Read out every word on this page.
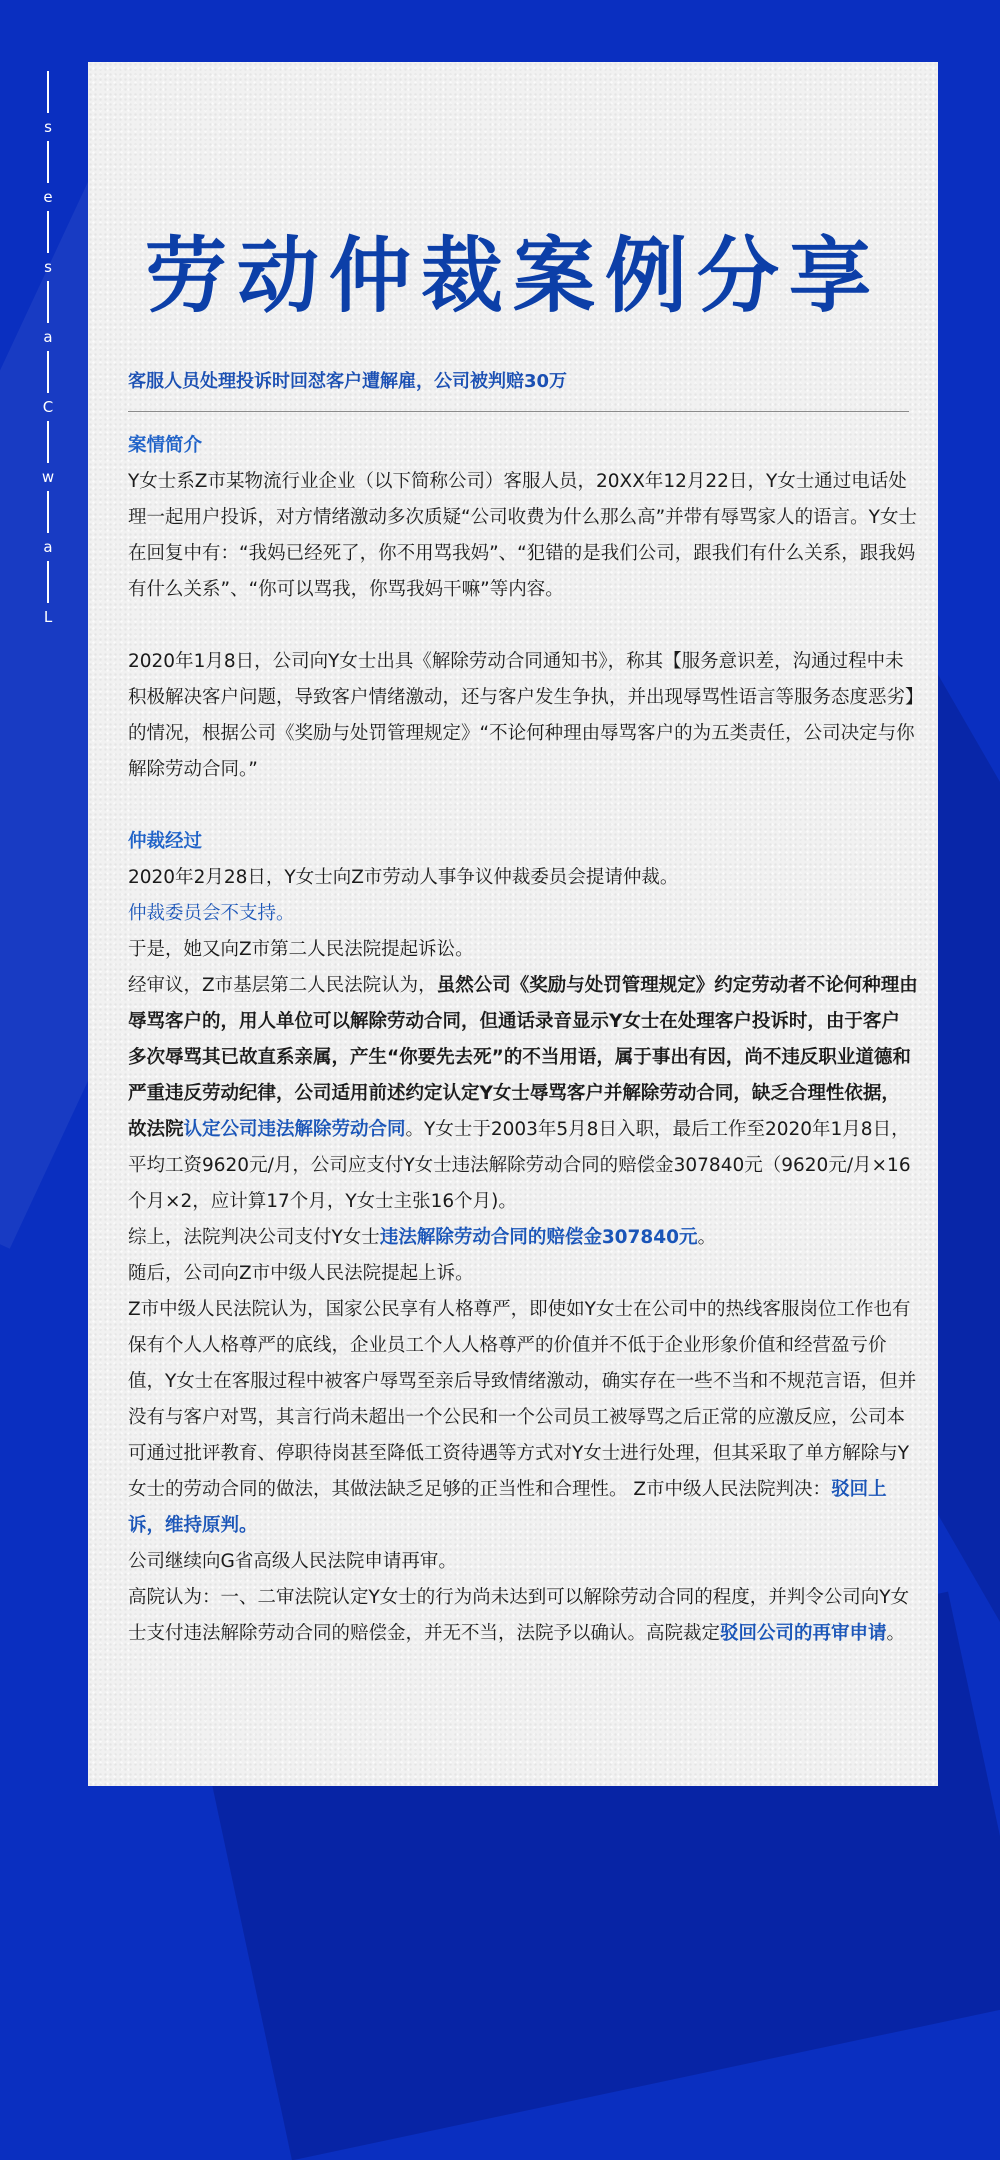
s
e
s
a
C
w
a
L
劳动仲裁案例分享

客服人员处理投诉时回怼客户遭解雇，公司被判赔30万

案情简介

Y女士系Z市某物流行业企业（以下简称公司）客服人员，20XX年12月22日，Y女士通过电话处理一起用户投诉，对方情绪激动多次质疑“公司收费为什么那么高”并带有辱骂家人的语言。Y女士在回复中有：“我妈已经死了，你不用骂我妈”、“犯错的是我们公司，跟我们有什么关系，跟我妈有什么关系”、“你可以骂我，你骂我妈干嘛”等内容。

2020年1月8日，公司向Y女士出具《解除劳动合同通知书》，称其【服务意识差，沟通过程中未积极解决客户问题，导致客户情绪激动，还与客户发生争执，并出现辱骂性语言等服务态度恶劣】的情况，根据公司《奖励与处罚管理规定》“不论何种理由辱骂客户的为五类责任，公司决定与你解除劳动合同。”

仲裁经过

2020年2月28日，Y女士向Z市劳动人事争议仲裁委员会提请仲裁。

仲裁委员会不支持。

于是，她又向Z市第二人民法院提起诉讼。

经审议，Z市基层第二人民法院认为，虽然公司《奖励与处罚管理规定》约定劳动者不论何种理由辱骂客户的，用人单位可以解除劳动合同，但通话录音显示Y女士在处理客户投诉时，由于客户多次辱骂其已故直系亲属，产生“你要先去死”的不当用语，属于事出有因，尚不违反职业道德和严重违反劳动纪律，公司适用前述约定认定Y女士辱骂客户并解除劳动合同，缺乏合理性依据，故法院认定公司违法解除劳动合同。Y女士于2003年5月8日入职，最后工作至2020年1月8日，平均工资9620元/月，公司应支付Y女士违法解除劳动合同的赔偿金307840元（9620元/月×16个月×2，应计算17个月，Y女士主张16个月)。

综上，法院判决公司支付Y女士违法解除劳动合同的赔偿金307840元。

随后，公司向Z市中级人民法院提起上诉。

Z市中级人民法院认为，国家公民享有人格尊严，即使如Y女士在公司中的热线客服岗位工作也有保有个人人格尊严的底线，企业员工个人人格尊严的价值并不低于企业形象价值和经营盈亏价值，Y女士在客服过程中被客户辱骂至亲后导致情绪激动，确实存在一些不当和不规范言语，但并没有与客户对骂，其言行尚未超出一个公民和一个公司员工被辱骂之后正常的应激反应，公司本可通过批评教育、停职待岗甚至降低工资待遇等方式对Y女士进行处理，但其采取了单方解除与Y女士的劳动合同的做法，其做法缺乏足够的正当性和合理性。 Z市中级人民法院判决：驳回上诉，维持原判。

公司继续向G省高级人民法院申请再审。

高院认为：一、二审法院认定Y女士的行为尚未达到可以解除劳动合同的程度，并判令公司向Y女士支付违法解除劳动合同的赔偿金，并无不当，法院予以确认。高院裁定驳回公司的再审申请。
